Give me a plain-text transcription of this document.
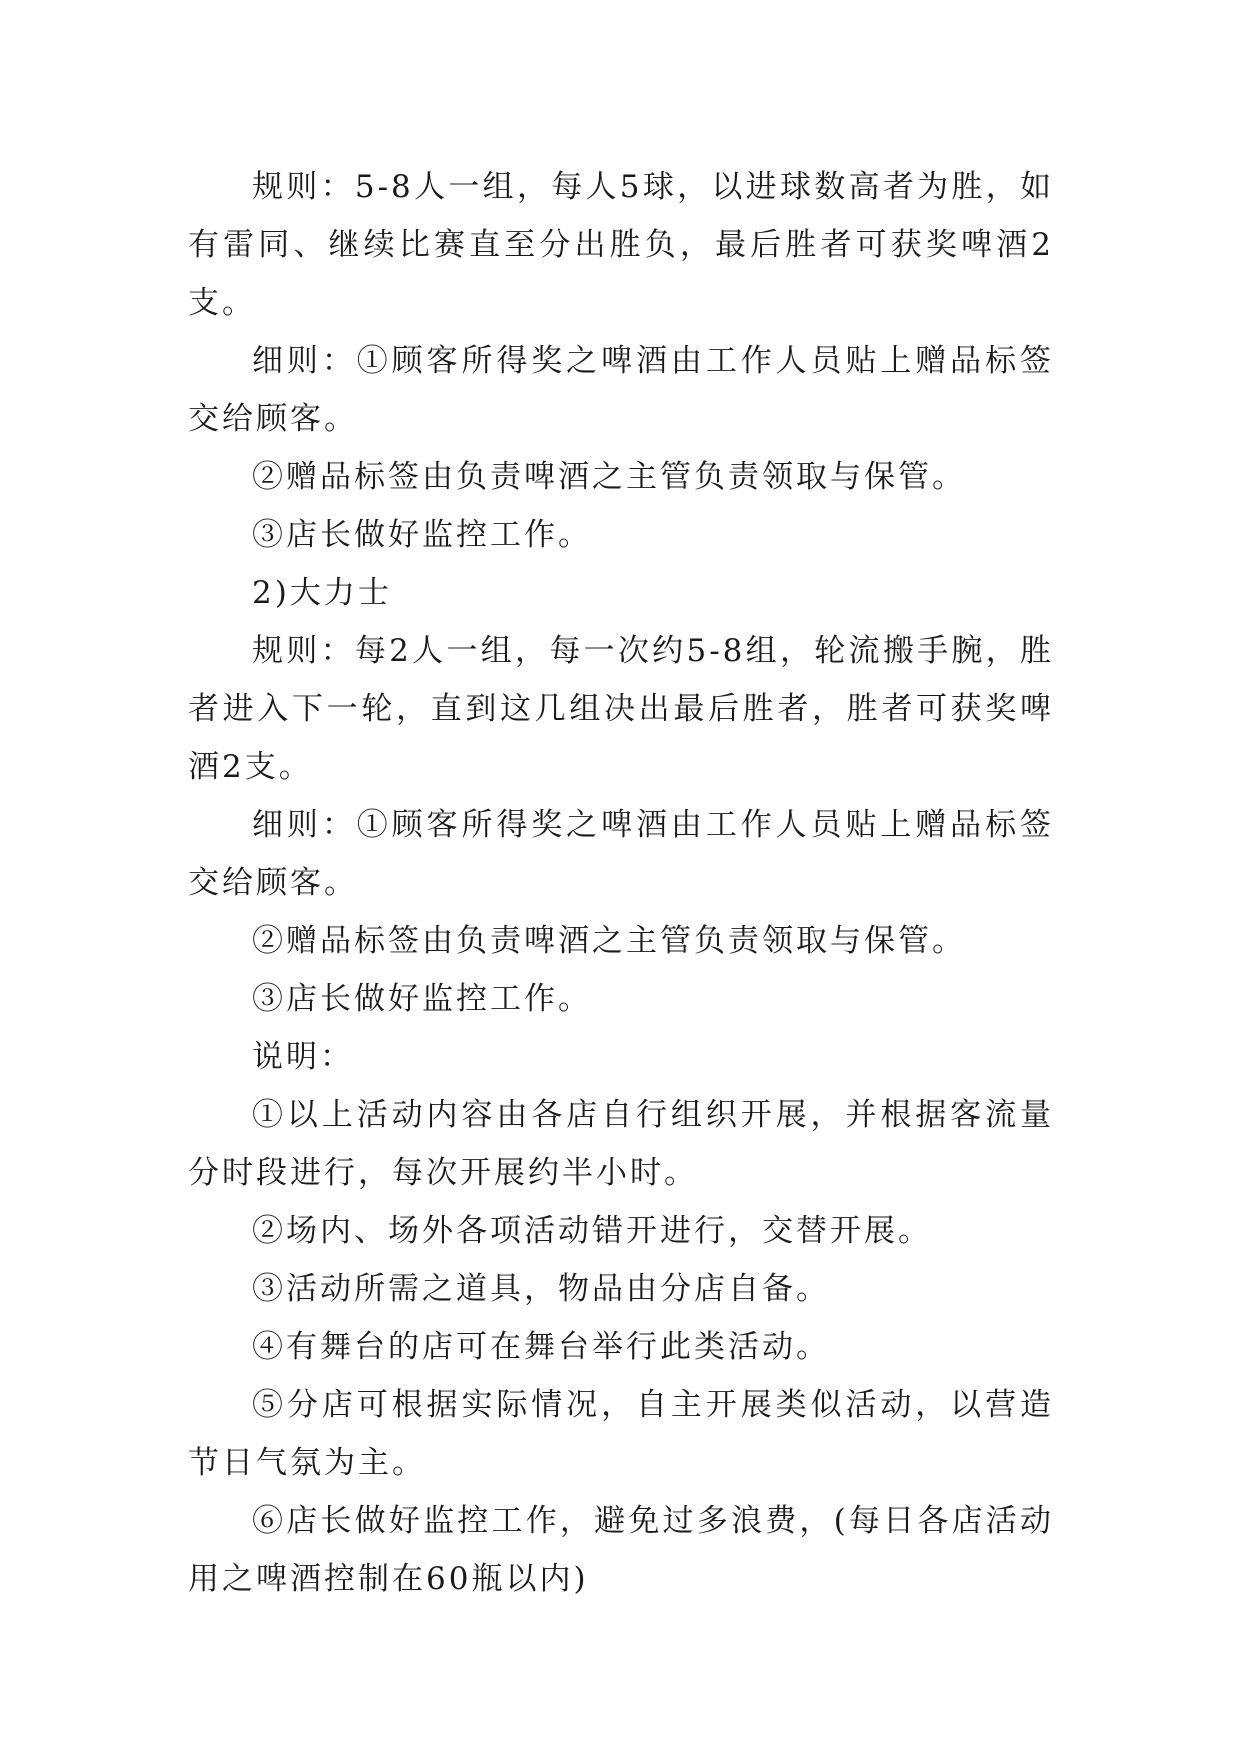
规则：5-8人一组，每人5球，以进球数高者为胜，如有雷同、继续比赛直至分出胜负，最后胜者可获奖啤酒2支。

细则：①顾客所得奖之啤酒由工作人员贴上赠品标签交给顾客。

②赠品标签由负责啤酒之主管负责领取与保管。

③店长做好监控工作。

2)大力士

规则：每2人一组，每一次约5-8组，轮流搬手腕，胜者进入下一轮，直到这几组决出最后胜者，胜者可获奖啤酒2支。

细则：①顾客所得奖之啤酒由工作人员贴上赠品标签交给顾客。

②赠品标签由负责啤酒之主管负责领取与保管。

③店长做好监控工作。

说明：

①以上活动内容由各店自行组织开展，并根据客流量分时段进行，每次开展约半小时。

②场内、场外各项活动错开进行，交替开展。

③活动所需之道具，物品由分店自备。

④有舞台的店可在舞台举行此类活动。

⑤分店可根据实际情况，自主开展类似活动，以营造节日气氛为主。

⑥店长做好监控工作，避免过多浪费，(每日各店活动用之啤酒控制在60瓶以内)
